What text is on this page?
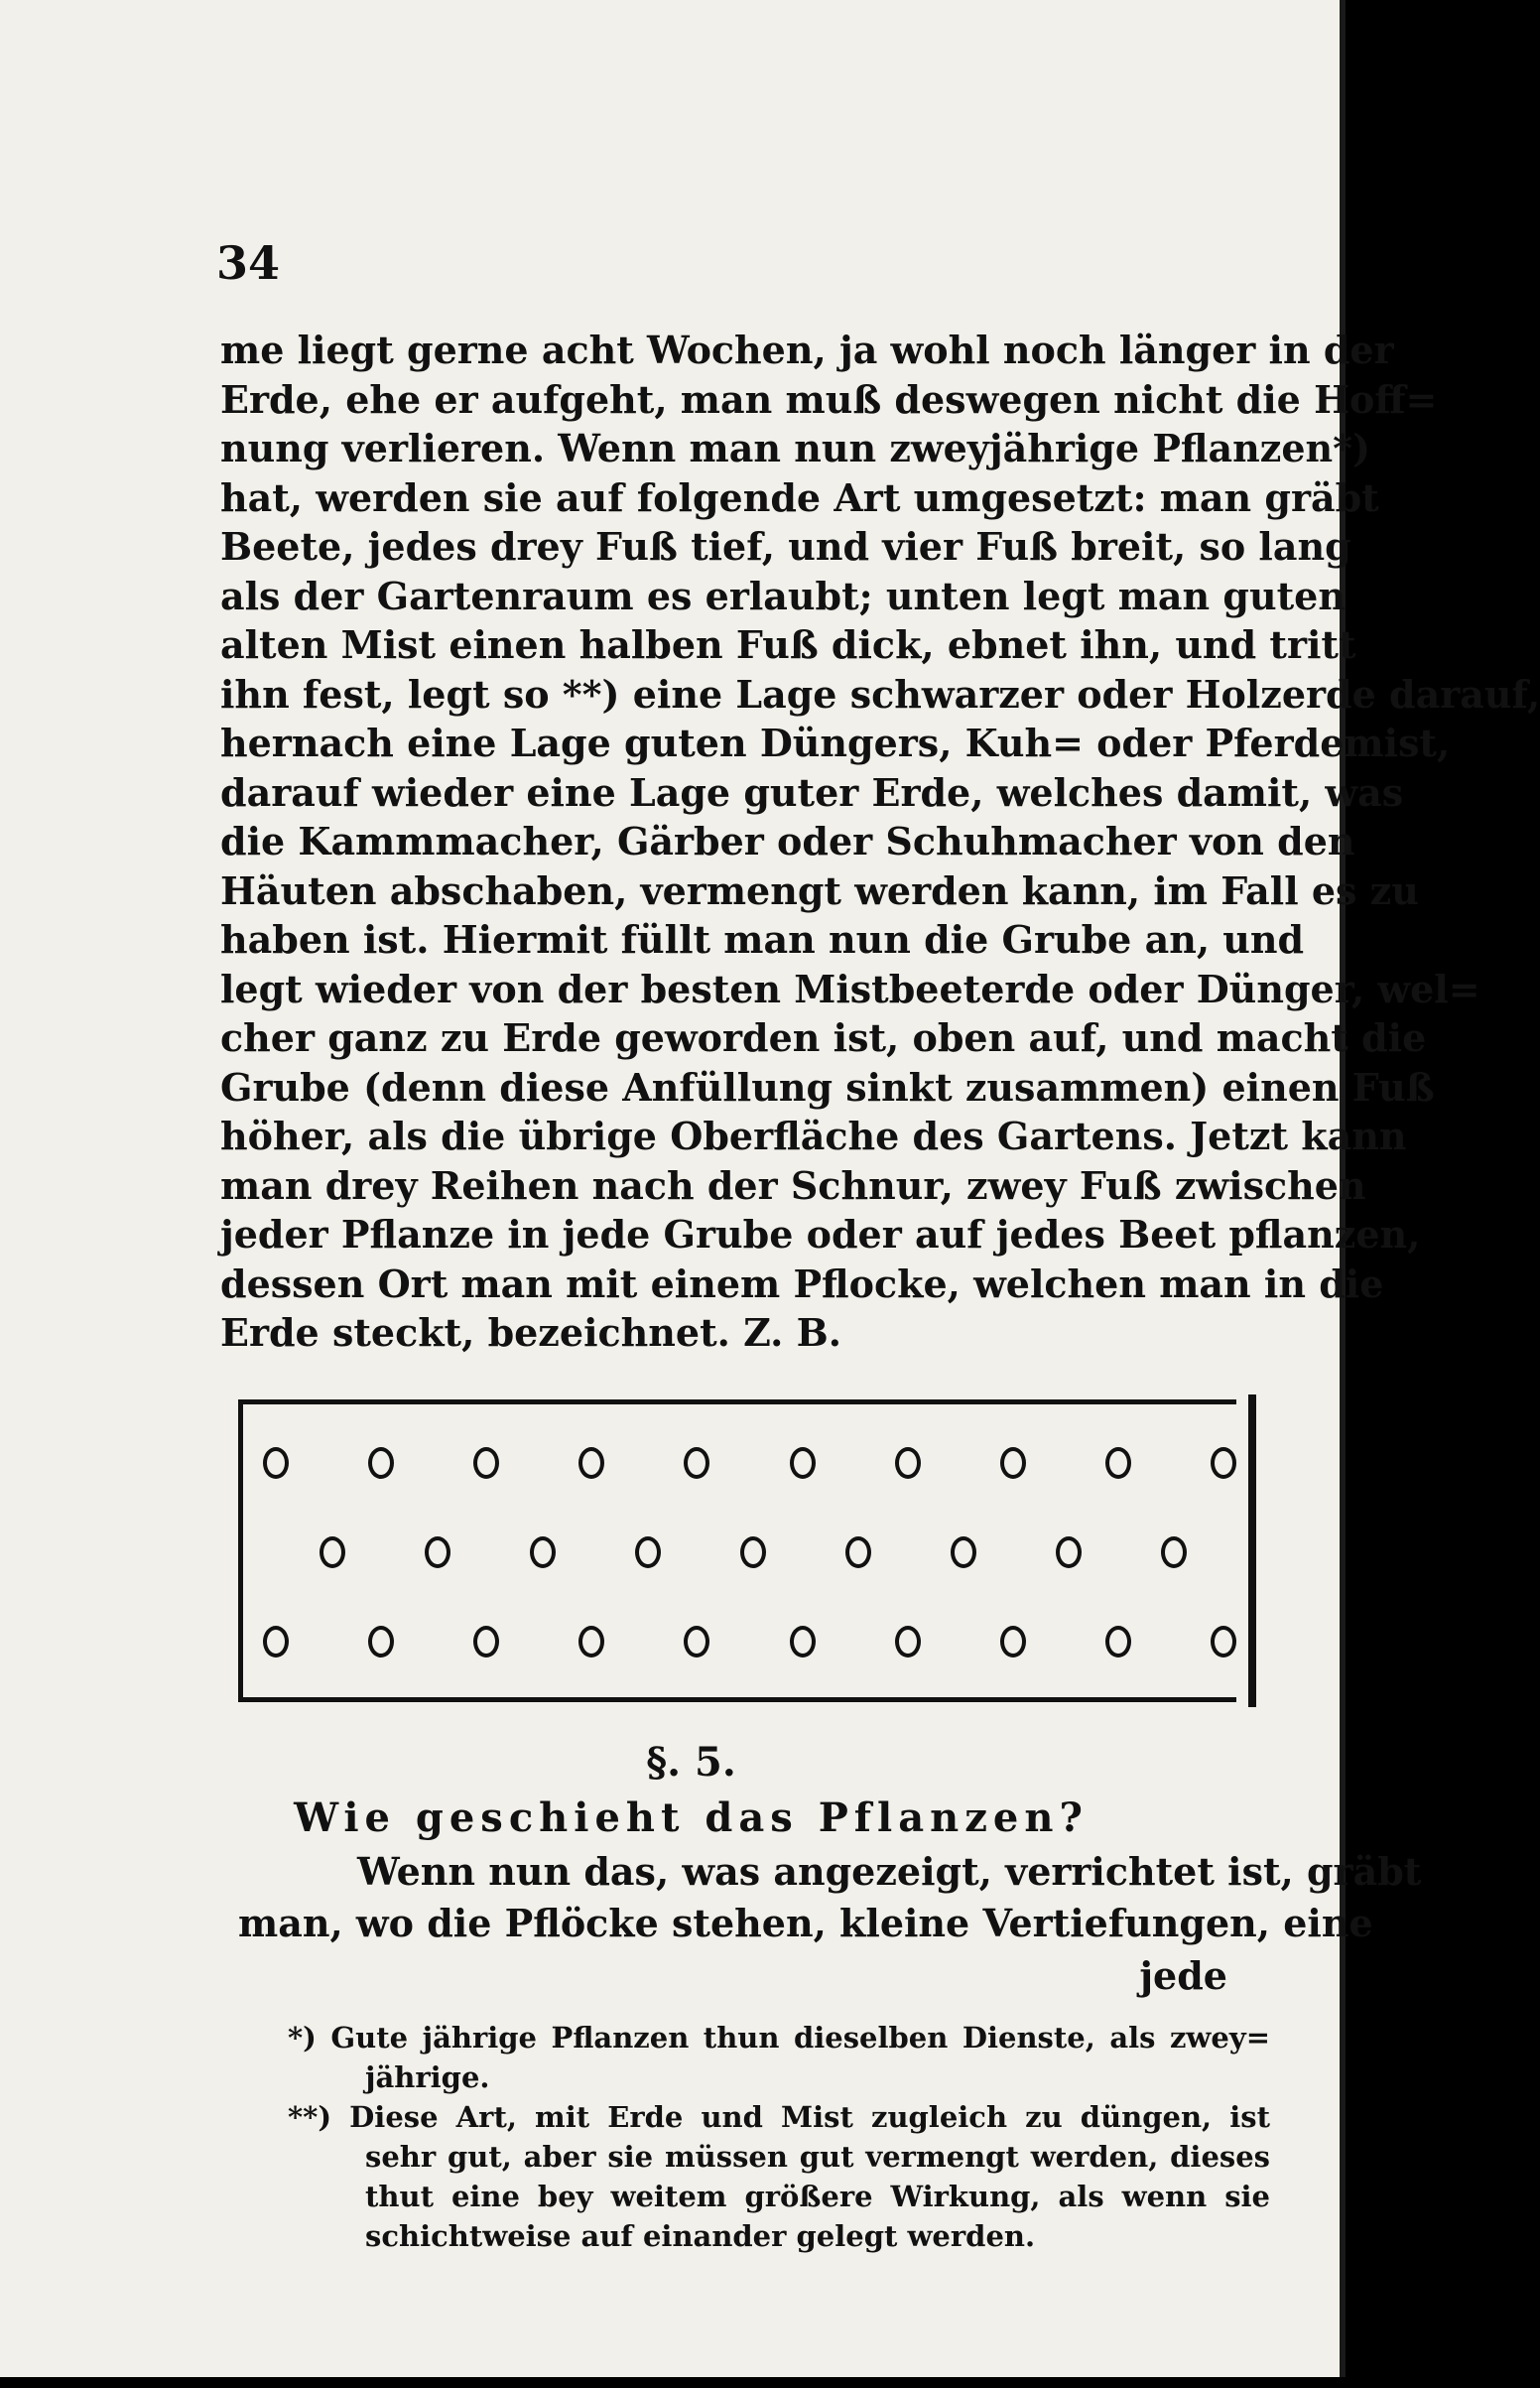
34
me liegt gerne acht Wochen, ja wohl noch länger in der
Erde, ehe er aufgeht, man muß deswegen nicht die Hoff=
nung verlieren. Wenn man nun zweyjährige Pflanzen*)
hat, werden sie auf folgende Art umgesetzt: man gräbt
Beete, jedes drey Fuß tief, und vier Fuß breit, so lang
als der Gartenraum es erlaubt; unten legt man guten
alten Mist einen halben Fuß dick, ebnet ihn, und tritt
ihn fest, legt so **) eine Lage schwarzer oder Holzerde darauf,
hernach eine Lage guten Düngers, Kuh= oder Pferdemist,
darauf wieder eine Lage guter Erde, welches damit, was
die Kammmacher, Gärber oder Schuhmacher von den
Häuten abschaben, vermengt werden kann, im Fall es zu
haben ist. Hiermit füllt man nun die Grube an, und
legt wieder von der besten Mistbeeterde oder Dünger, wel=
cher ganz zu Erde geworden ist, oben auf, und macht die
Grube (denn diese Anfüllung sinkt zusammen) einen Fuß
höher, als die übrige Oberfläche des Gartens. Jetzt kann
man drey Reihen nach der Schnur, zwey Fuß zwischen
jeder Pflanze in jede Grube oder auf jedes Beet pflanzen,
dessen Ort man mit einem Pflocke, welchen man in die
Erde steckt, bezeichnet. Z. B.
§. 5.
Wie geschieht das Pflanzen?
Wenn nun das, was angezeigt, verrichtet ist, gräbt
man, wo die Pflöcke stehen, kleine Vertiefungen, eine
jede
*) Gute jährige Pflanzen thun dieselben Dienste, als zwey=
jährige.
**) Diese Art, mit Erde und Mist zugleich zu düngen, ist
sehr gut, aber sie müssen gut vermengt werden, dieses
thut eine bey weitem größere Wirkung, als wenn sie
schichtweise auf einander gelegt werden.
